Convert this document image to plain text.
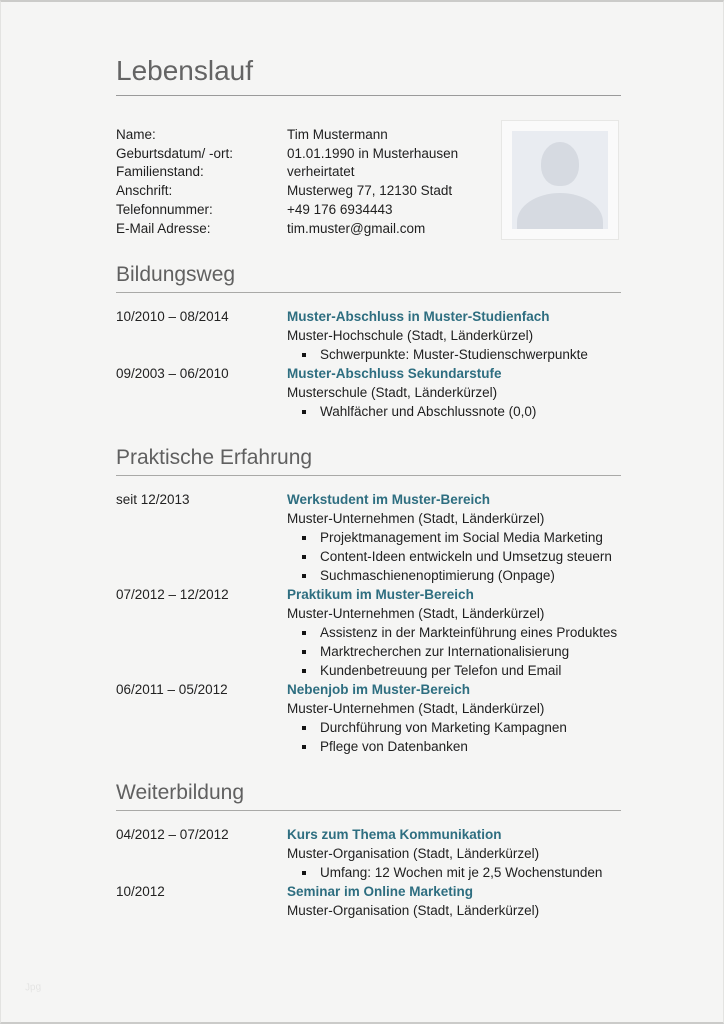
Lebenslauf
Name:	Tim Mustermann
Geburtsdatum/ -ort:	01.01.1990 in Musterhausen
Familienstand:	verheirtatet
Anschrift:	Musterweg 77, 12130 Stadt
Telefonnummer:	+49 176 6934443
E-Mail Adresse:	tim.muster@gmail.com
Bildungsweg
10/2010 – 08/2014	Muster-Abschluss in Muster-Studienfach
Muster-Hochschule (Stadt, Länderkürzel)
Schwerpunkte: Muster-Studienschwerpunkte
09/2003 – 06/2010	Muster-Abschluss Sekundarstufe
Musterschule (Stadt, Länderkürzel)
Wahlfächer und Abschlussnote (0,0)
Praktische Erfahrung
seit 12/2013	Werkstudent im Muster-Bereich
Muster-Unternehmen (Stadt, Länderkürzel)
Projektmanagement im Social Media Marketing
Content-Ideen entwickeln und Umsetzug steuern
Suchmaschienenoptimierung (Onpage)
07/2012 – 12/2012	Praktikum im Muster-Bereich
Muster-Unternehmen (Stadt, Länderkürzel)
Assistenz in der Markteinführung eines Produktes
Marktrecherchen zur Internationalisierung
Kundenbetreuung per Telefon und Email
06/2011 – 05/2012	Nebenjob im Muster-Bereich
Muster-Unternehmen (Stadt, Länderkürzel)
Durchführung von Marketing Kampagnen
Pflege von Datenbanken
Weiterbildung
04/2012 – 07/2012	Kurs zum Thema Kommunikation
Muster-Organisation (Stadt, Länderkürzel)
Umfang: 12 Wochen mit je 2,5 Wochenstunden
10/2012	Seminar im Online Marketing
Muster-Organisation (Stadt, Länderkürzel)
Jpg
